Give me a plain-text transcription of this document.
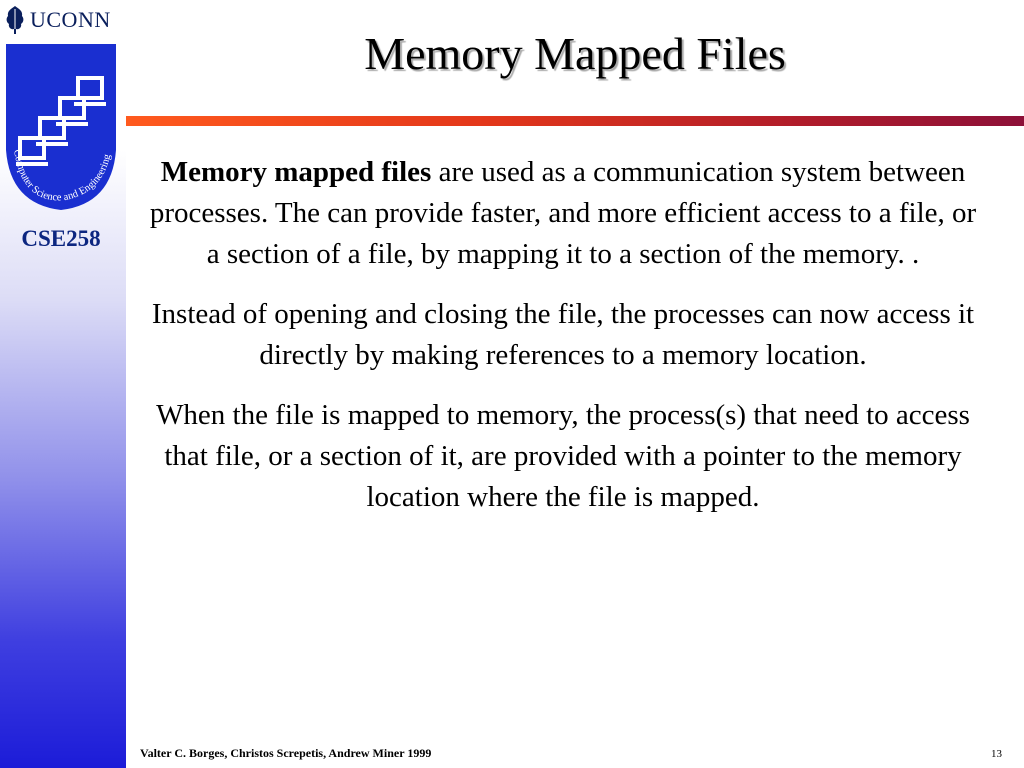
UCONN
Computer Science and Engineering
CSE258
Memory Mapped Files

Memory mapped files are used as a communication system between processes. The can provide faster, and more efficient access to a file, or a section of a file, by mapping it to a section of the memory. .

Instead of opening and closing the file, the processes can now access it directly by making references to a memory location.

When the file is mapped to memory, the process(s) that need to access that file, or a section of it, are provided with a pointer to the memory location where the file is mapped.

Valter C. Borges, Christos Screpetis, Andrew Miner 1999	13
